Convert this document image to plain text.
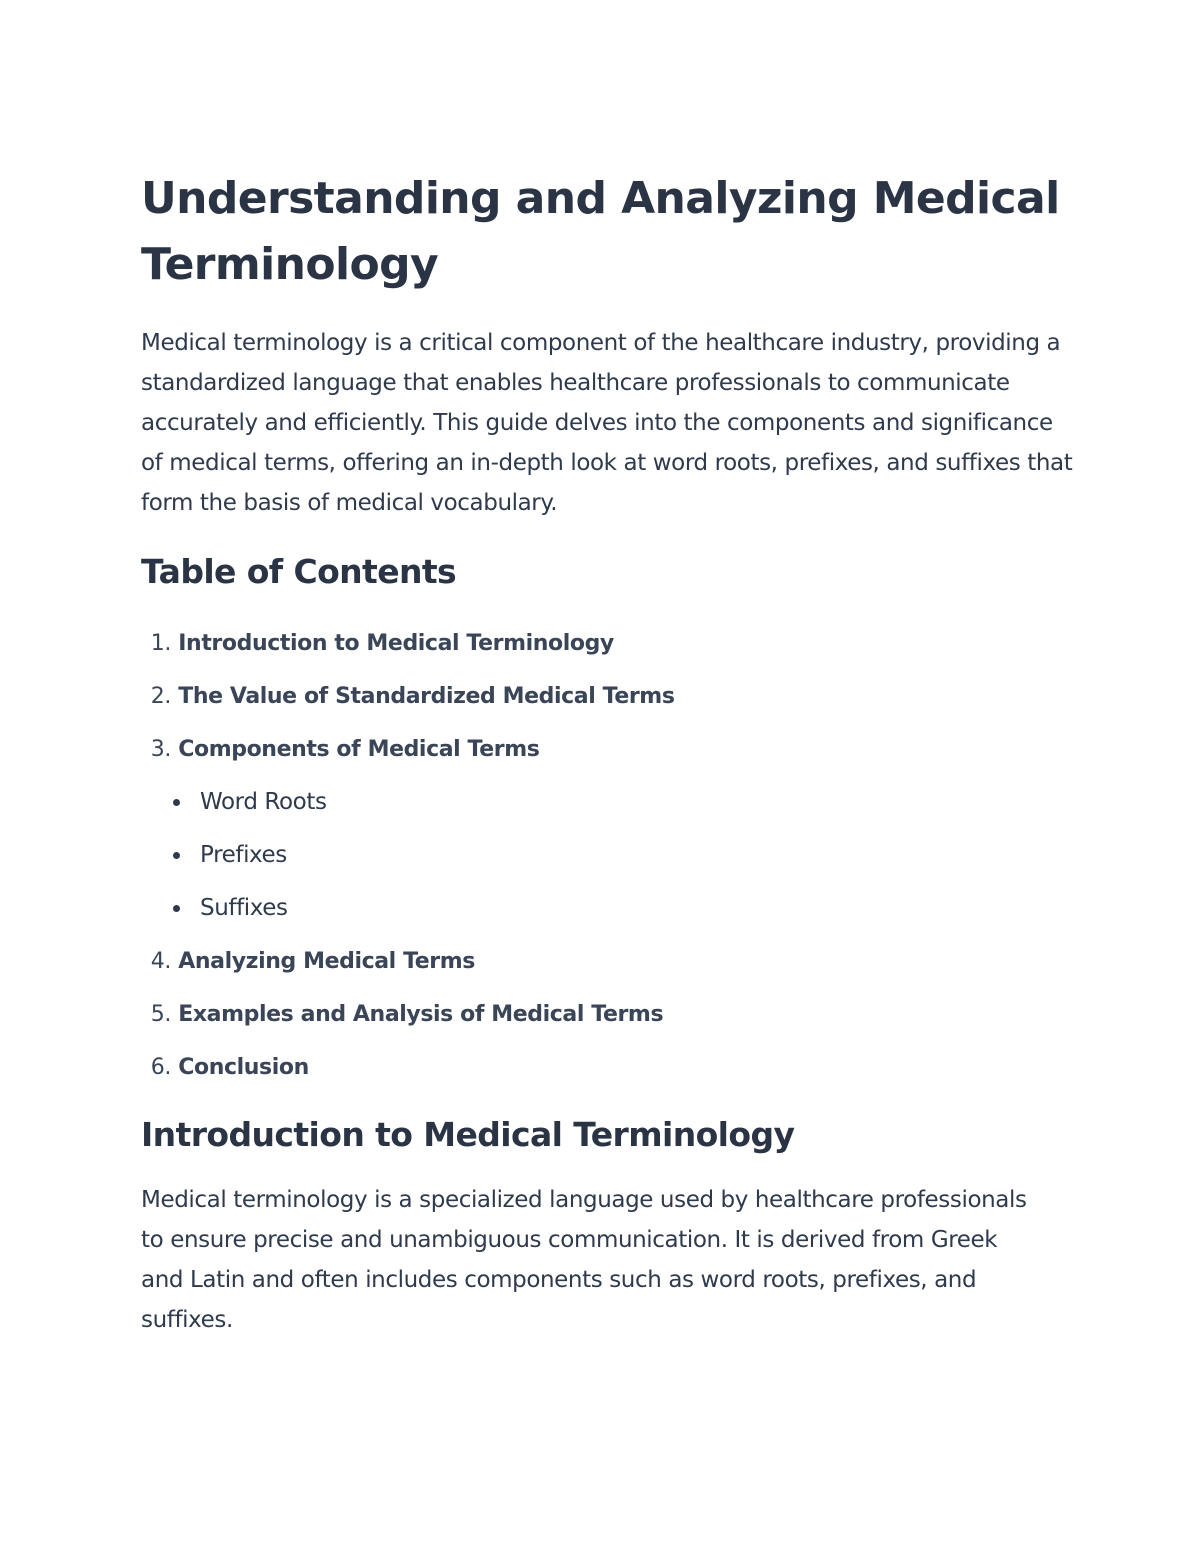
Understanding and Analyzing Medical Terminology

Medical terminology is a critical component of the healthcare industry, providing a standardized language that enables healthcare professionals to communicate accurately and efficiently. This guide delves into the components and significance of medical terms, offering an in-depth look at word roots, prefixes, and suffixes that form the basis of medical vocabulary.

Table of Contents
1. Introduction to Medical Terminology
2. The Value of Standardized Medical Terms
3. Components of Medical Terms
Word Roots
Prefixes
Suffixes
4. Analyzing Medical Terms
5. Examples and Analysis of Medical Terms
6. Conclusion
Introduction to Medical Terminology

Medical terminology is a specialized language used by healthcare professionals to ensure precise and unambiguous communication. It is derived from Greek and Latin and often includes components such as word roots, prefixes, and suffixes.
